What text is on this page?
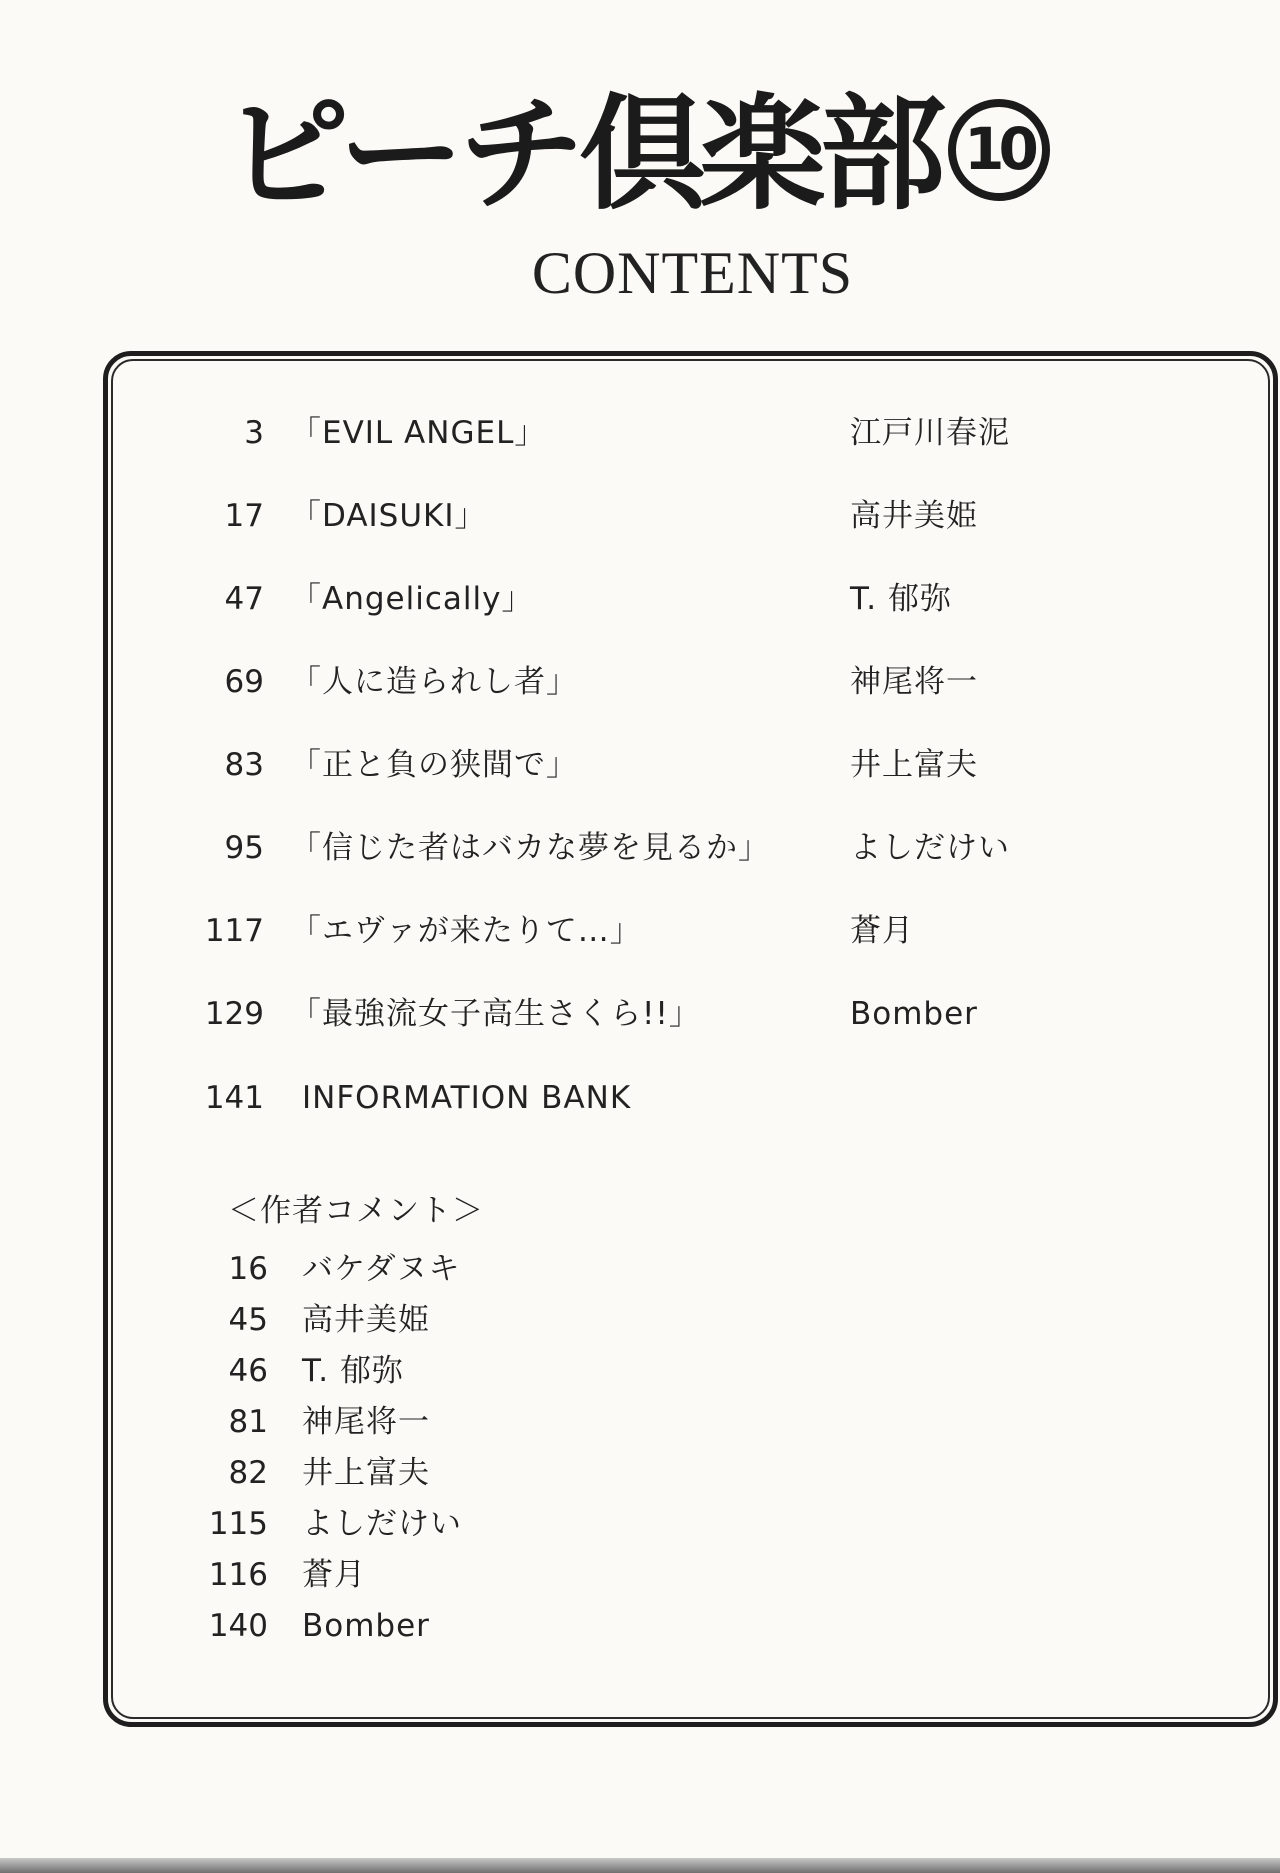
ピーチ倶楽部 10
CONTENTS
3 「EVIL ANGEL」	江戸川春泥
17 「DAISUKI」	高井美姫
47 「Angelically」	T. 郁弥
69 「人に造られし者」	神尾将一
83 「正と負の狭間で」	井上富夫
95 「信じた者はバカな夢を見るか」	よしだけい
117 「エヴァが来たりて…」	蒼月
129 「最強流女子高生さくら!!」	Bomber
141 INFORMATION BANK
＜作者コメント＞
16 バケダヌキ
45 高井美姫
46 T. 郁弥
81 神尾将一
82 井上富夫
115 よしだけい
116 蒼月
140 Bomber
